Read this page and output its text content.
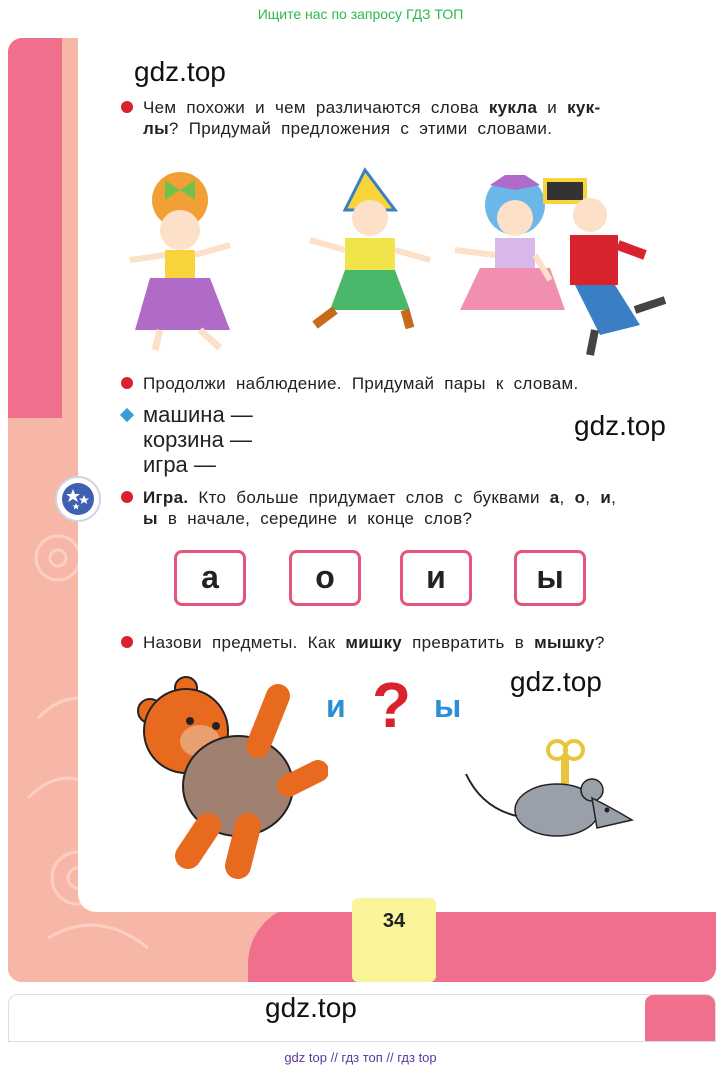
Ищите нас по запросу ГДЗ ТОП
gdz.top
Чем похожи и чем различаются слова кукла и кук-
лы? Придумай предложения с этими словами.
Продолжи наблюдение. Придумай пары к словам.
машина —
корзина —
игра —
gdz.top
Игра. Кто больше придумает слов с буквами а, о, и,
ы в начале, середине и конце слов?
а	о	и	ы
Назови предметы. Как мишку превратить в мышку?
gdz.top
и ? ы
34
gdz.top
gdz top // гдз топ // гдз top
